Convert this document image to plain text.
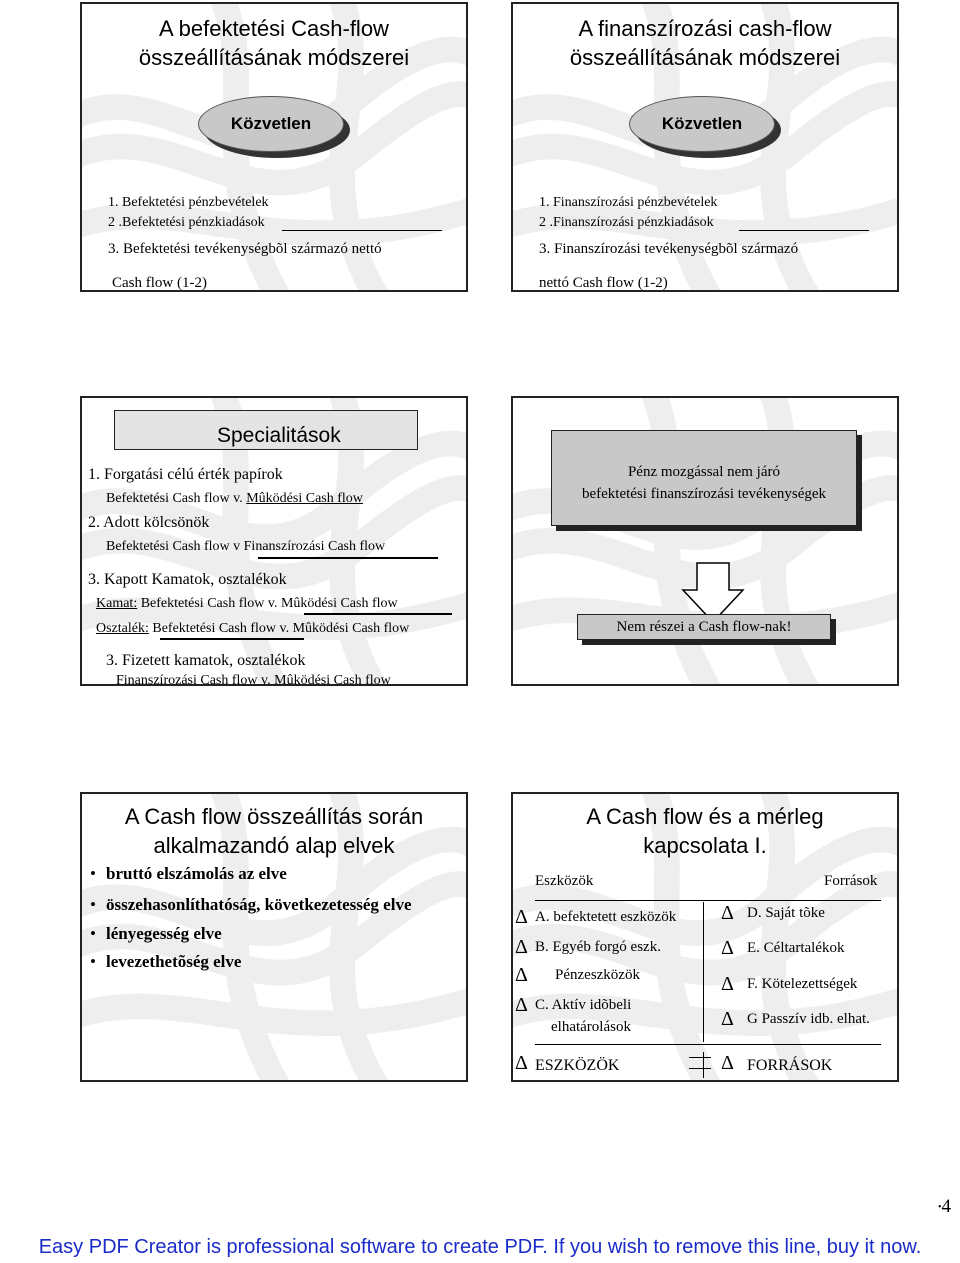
A befektetési Cash-flow
összeállításának módszerei
Közvetlen
1. Befektetési pénzbevételek
2 .Befektetési pénzkiadások
3. Befektetési tevékenységbõl származó nettó
Cash flow (1-2)
A finanszírozási cash-flow
összeállításának módszerei
Közvetlen
1. Finanszírozási pénzbevételek
2 .Finanszírozási pénzkiadások
3. Finanszírozási tevékenységbõl származó
nettó Cash flow (1-2)
Specialitások
1. Forgatási célú érték papírok
Befektetési Cash flow v. Mûködési Cash flow
2. Adott kölcsönök
Befektetési Cash flow v Finanszírozási Cash flow
3. Kapott Kamatok, osztalékok
Kamat: Befektetési Cash flow v. Mûködési Cash flow
Osztalék: Befektetési Cash flow v. Mûködési Cash flow
3. Fizetett kamatok, osztalékok
Finanszírozási Cash flow v. Mûködési Cash flow
Pénz mozgással nem járó
befektetési finanszírozási tevékenységek
Nem részei a Cash flow-nak!
A Cash flow összeállítás során
alkalmazandó alap elvek
• bruttó elszámolás az elve
• összehasonlíthatóság, következetesség elve
• lényegesség elve
• levezethetõség elve
A Cash flow és a mérleg
kapcsolata I.
Eszközök	Források
Δ A. befektetett eszközök
Δ B. Egyéb forgó eszk.
Δ Pénzeszközök
Δ C. Aktív idõbeli
elhatárolások
Δ D. Saját tõke
Δ E. Céltartalékok
Δ F. Kötelezettségek
Δ G Passzív idb. elhat.
Δ ESZKÖZÖK	Δ FORRÁSOK
•4
Easy PDF Creator is professional software to create PDF. If you wish to remove this line, buy it now.
